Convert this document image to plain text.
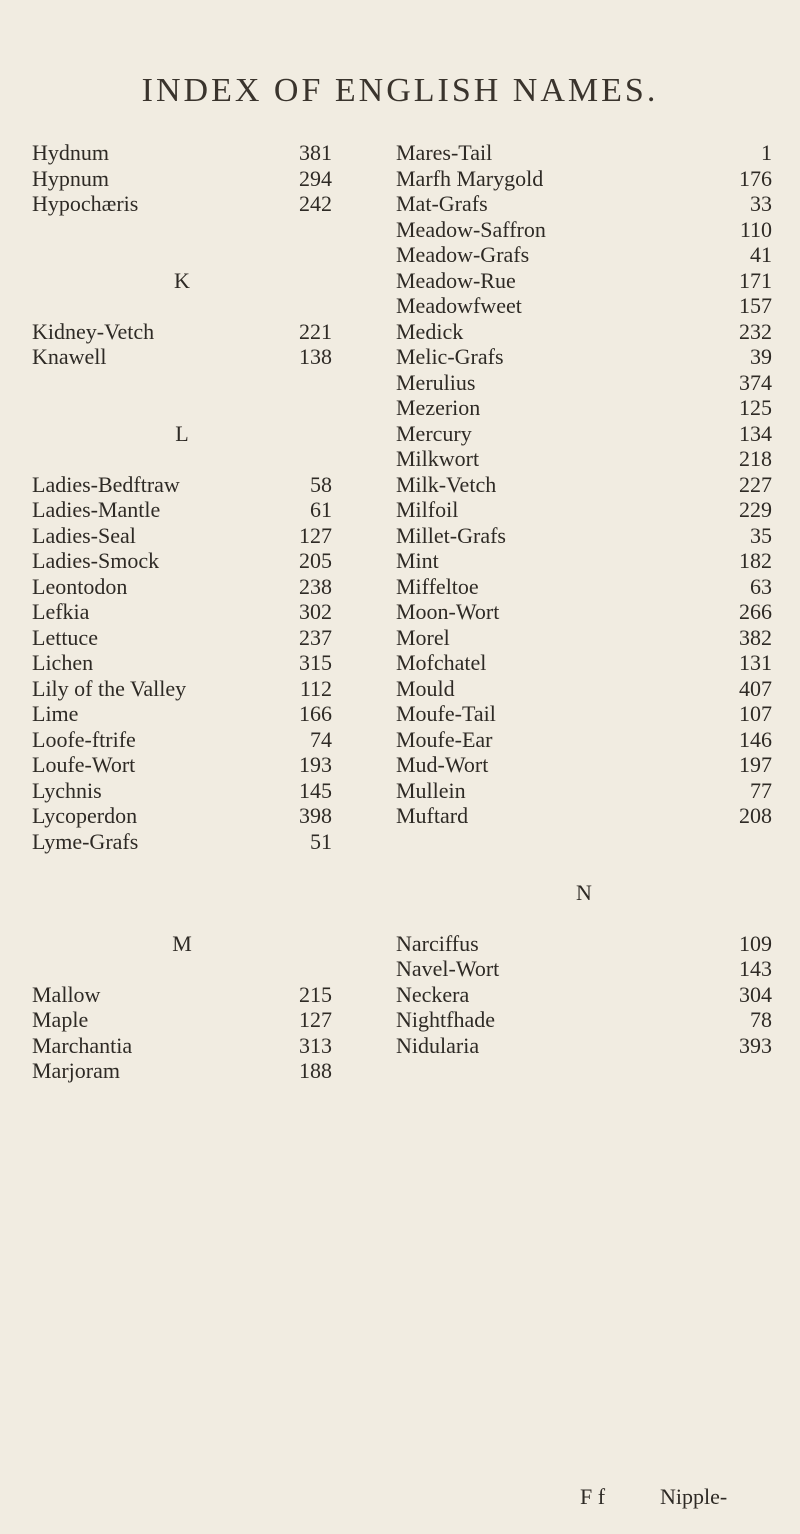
INDEX OF ENGLISH NAMES.
Hydnum	381
Hypnum	294
Hypochæris	242
K
Kidney-Vetch	221
Knawell	138
L
Ladies-Bedftraw	58
Ladies-Mantle	61
Ladies-Seal	127
Ladies-Smock	205
Leontodon	238
Lefkia	302
Lettuce	237
Lichen	315
Lily of the Valley	112
Lime	166
Loofe-ftrife	74
Loufe-Wort	193
Lychnis	145
Lycoperdon	398
Lyme-Grafs	51
M
Mallow	215
Maple	127
Marchantia	313
Marjoram	188
Mares-Tail	1
Marfh Marygold	176
Mat-Grafs	33
Meadow-Saffron	110
Meadow-Grafs	41
Meadow-Rue	171
Meadowfweet	157
Medick	232
Melic-Grafs	39
Merulius	374
Mezerion	125
Mercury	134
Milkwort	218
Milk-Vetch	227
Milfoil	229
Millet-Grafs	35
Mint	182
Miffeltoe	63
Moon-Wort	266
Morel	382
Mofchatel	131
Mould	407
Moufe-Tail	107
Moufe-Ear	146
Mud-Wort	197
Mullein	77
Muftard	208
N
Narciffus	109
Navel-Wort	143
Neckera	304
Nightfhade	78
Nidularia	393
F f Nipple-
